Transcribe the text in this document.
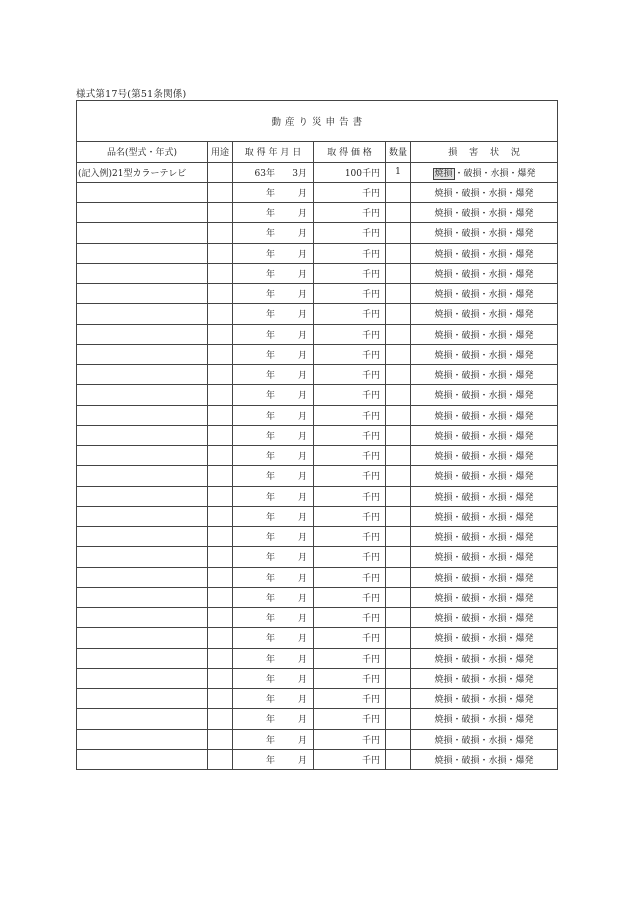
様式第17号(第51条関係)
動 産 り 災 申 告 書					
品名(型式・年式)	用途	取 得 年 月 日	取 得 価 格	数量	損　 害　 状　 況
(記入例)21型カラーテレビ		63年 3月	100千円	1	焼損 ・破損・水損・爆発
		年 月	千円		焼損・破損・水損・爆発
		年 月	千円		焼損・破損・水損・爆発
		年 月	千円		焼損・破損・水損・爆発
		年 月	千円		焼損・破損・水損・爆発
		年 月	千円		焼損・破損・水損・爆発
		年 月	千円		焼損・破損・水損・爆発
		年 月	千円		焼損・破損・水損・爆発
		年 月	千円		焼損・破損・水損・爆発
		年 月	千円		焼損・破損・水損・爆発
		年 月	千円		焼損・破損・水損・爆発
		年 月	千円		焼損・破損・水損・爆発
		年 月	千円		焼損・破損・水損・爆発
		年 月	千円		焼損・破損・水損・爆発
		年 月	千円		焼損・破損・水損・爆発
		年 月	千円		焼損・破損・水損・爆発
		年 月	千円		焼損・破損・水損・爆発
		年 月	千円		焼損・破損・水損・爆発
		年 月	千円		焼損・破損・水損・爆発
		年 月	千円		焼損・破損・水損・爆発
		年 月	千円		焼損・破損・水損・爆発
		年 月	千円		焼損・破損・水損・爆発
		年 月	千円		焼損・破損・水損・爆発
		年 月	千円		焼損・破損・水損・爆発
		年 月	千円		焼損・破損・水損・爆発
		年 月	千円		焼損・破損・水損・爆発
		年 月	千円		焼損・破損・水損・爆発
		年 月	千円		焼損・破損・水損・爆発
		年 月	千円		焼損・破損・水損・爆発
		年 月	千円		焼損・破損・水損・爆発
